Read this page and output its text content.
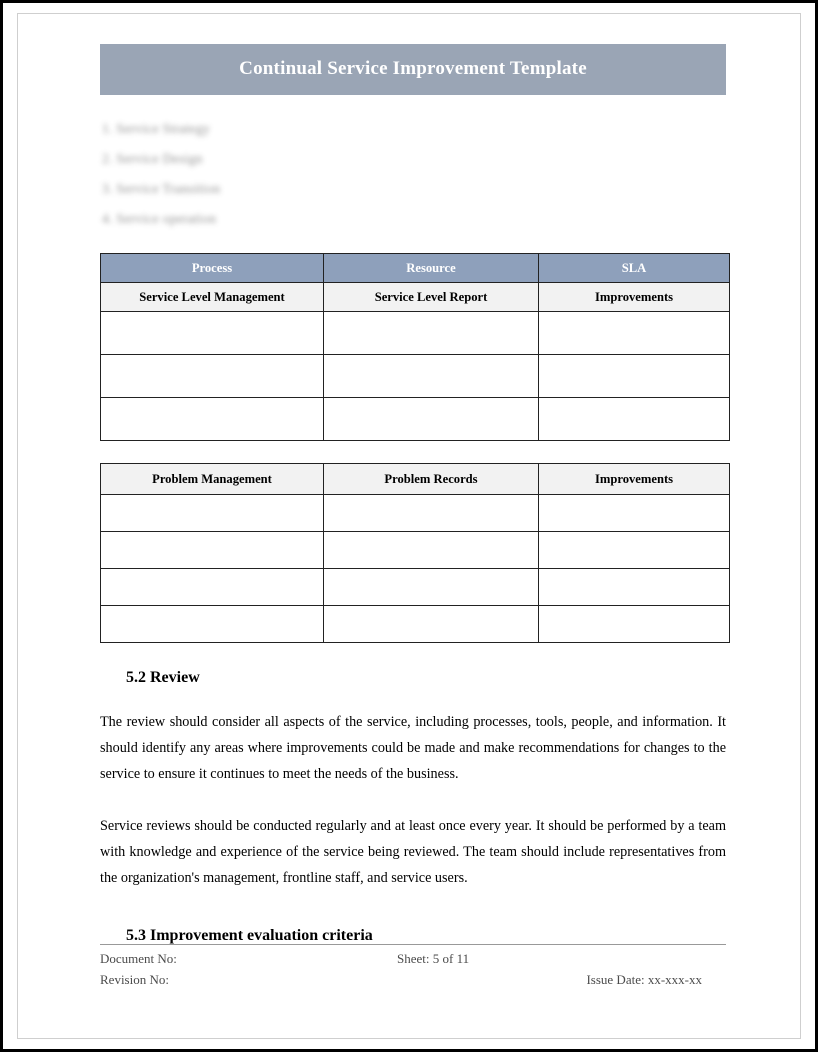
Continual Service Improvement Template
1. Service Strategy
2. Service Design
3. Service Transition
4. Service operation
Process	Resource	SLA
Service Level Management	Service Level Report	Improvements

Problem Management	Problem Records	Improvements

5.2 Review

The review should consider all aspects of the service, including processes, tools, people, and information. It should identify any areas where improvements could be made and make recommendations for changes to the service to ensure it continues to meet the needs of the business.

Service reviews should be conducted regularly and at least once every year. It should be performed by a team with knowledge and experience of the service being reviewed. The team should include representatives from the organization's management, frontline staff, and service users.

5.3 Improvement evaluation criteria
Document No:	Sheet: 5 of 11
Revision No:	Issue Date: xx-xxx-xx
